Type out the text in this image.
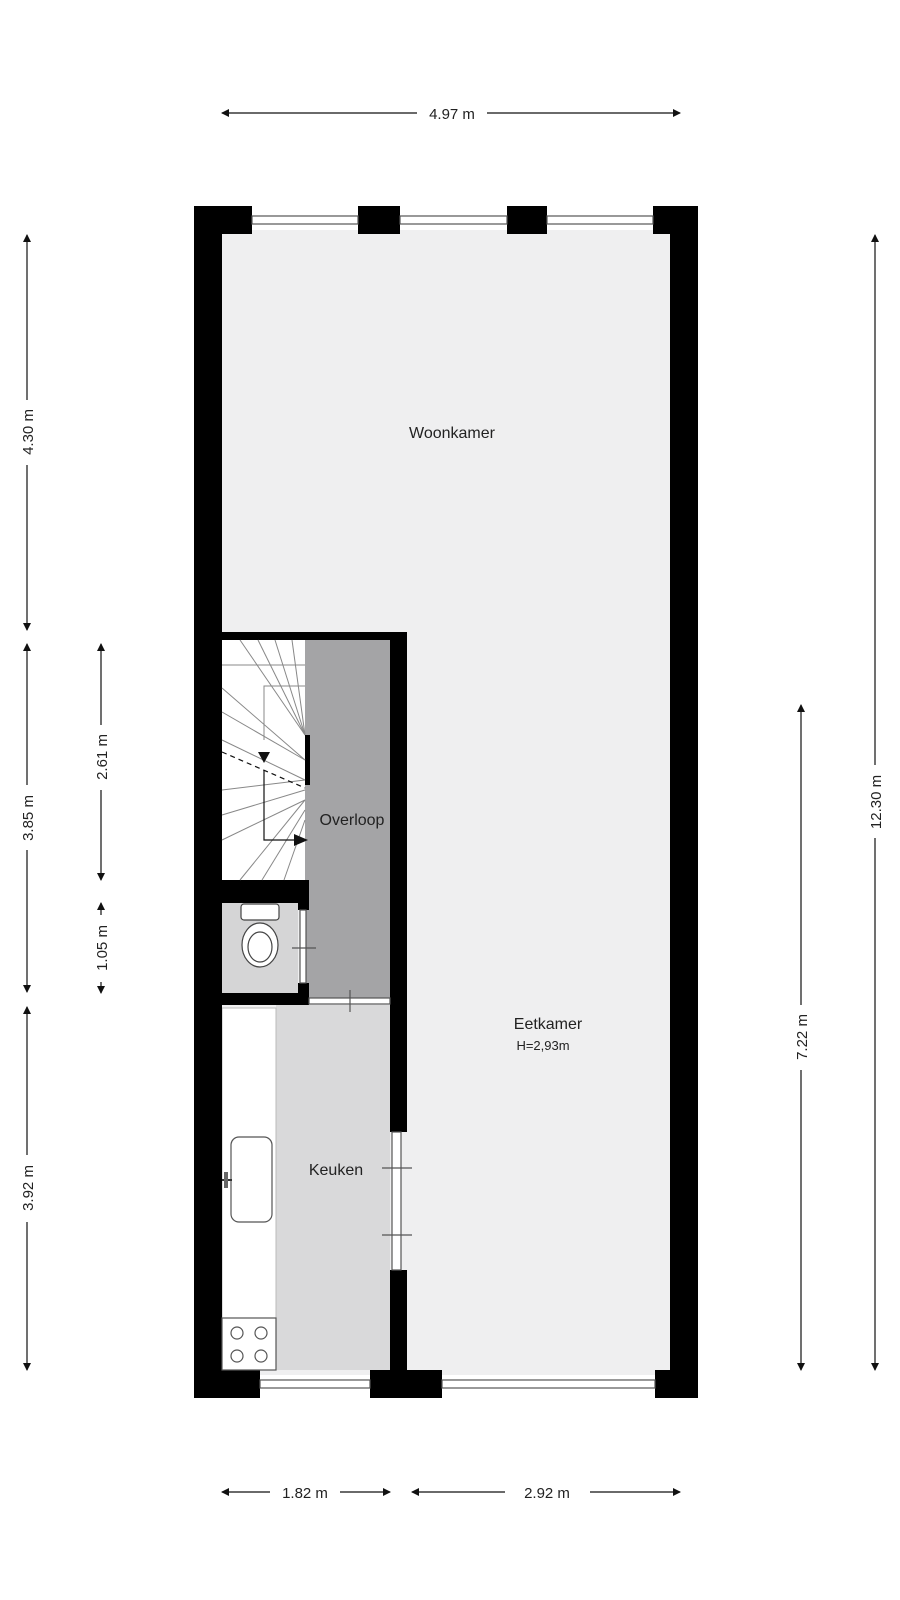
Woonkamer
Eetkamer
H=2,93m
Overloop
Keuken
4.97 m
4.30 m
3.85 m
3.92 m
2.61 m
1.05 m
12.30 m
7.22 m
1.82 m	2.92 m
